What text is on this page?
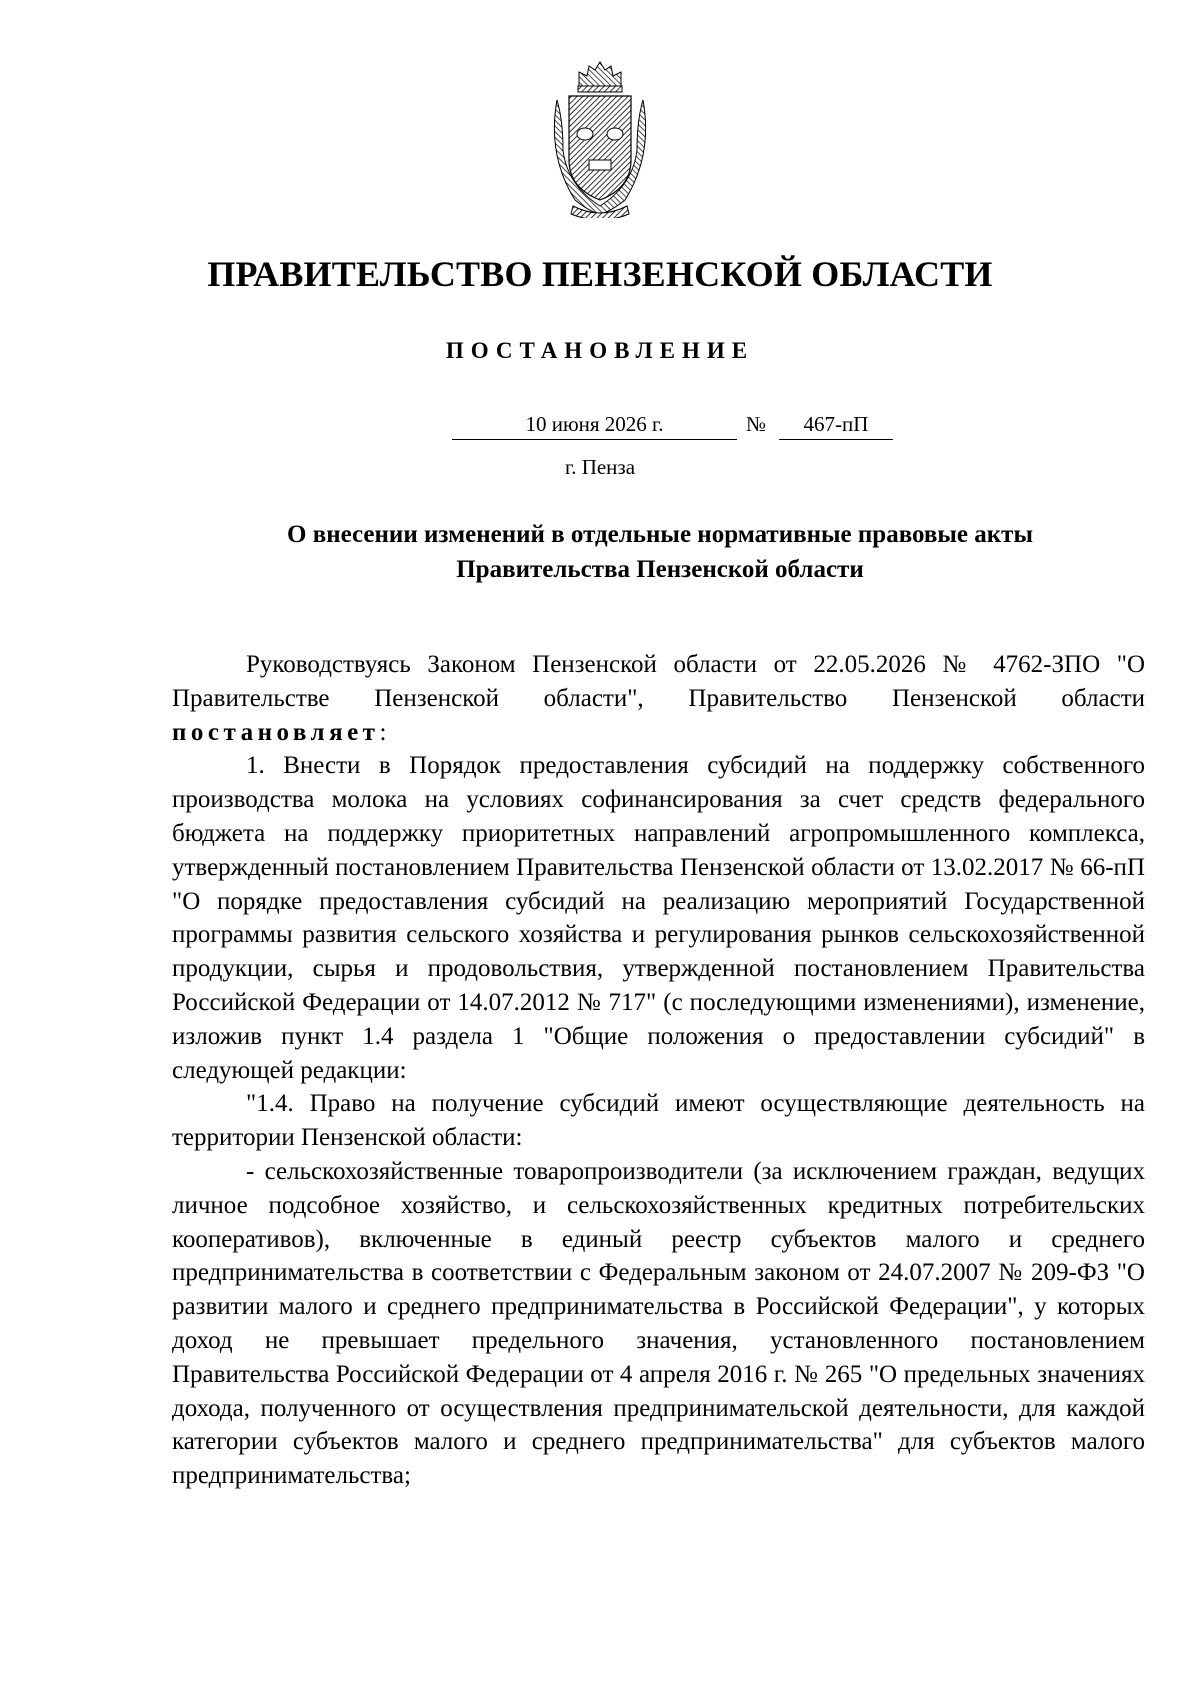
ПРАВИТЕЛЬСТВО ПЕНЗЕНСКОЙ ОБЛАСТИ
ПОСТАНОВЛЕНИЕ
10 июня 2026 г.	№	467-пП
г. Пенза
О внесении изменений в отдельные нормативные правовые акты
Правительства Пензенской области

Руководствуясь Законом Пензенской области от 22.05.2026 № 4762-ЗПО "О Правительстве Пензенской области", Правительство Пензенской области постановляет:

1. Внести в Порядок предоставления субсидий на поддержку собственного производства молока на условиях софинансирования за счет средств федерального бюджета на поддержку приоритетных направлений агропромышленного комплекса, утвержденный постановлением Правительства Пензенской области от 13.02.2017 № 66-пП "О порядке предоставления субсидий на реализацию мероприятий Государственной программы развития сельского хозяйства и регулирования рынков сельскохозяйственной продукции, сырья и продовольствия, утвержденной постановлением Правительства Российской Федерации от 14.07.2012 № 717" (с последующими изменениями), изменение, изложив пункт 1.4 раздела 1 "Общие положения о предоставлении субсидий" в следующей редакции:

"1.4. Право на получение субсидий имеют осуществляющие деятельность на территории Пензенской области:

- сельскохозяйственные товаропроизводители (за исключением граждан, ведущих личное подсобное хозяйство, и сельскохозяйственных кредитных потребительских кооперативов), включенные в единый реестр субъектов малого и среднего предпринимательства в соответствии с Федеральным законом от 24.07.2007 № 209-ФЗ "О развитии малого и среднего предпринимательства в Российской Федерации", у которых доход не превышает предельного значения, установленного постановлением Правительства Российской Федерации от 4 апреля 2016 г. № 265 "О предельных значениях дохода, полученного от осуществления предпринимательской деятельности, для каждой категории субъектов малого и среднего предпринимательства" для субъектов малого предпринимательства;
